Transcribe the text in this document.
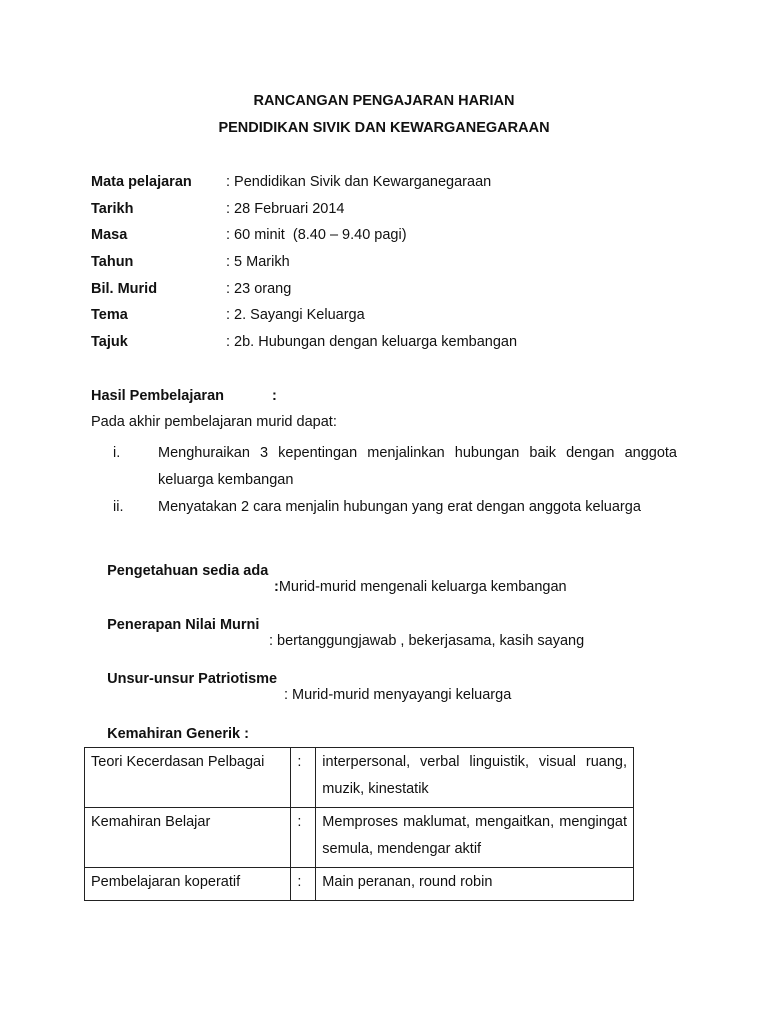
RANCANGAN PENGAJARAN HARIAN
PENDIDIKAN SIVIK DAN KEWARGANEGARAAN
Mata pelajaran : Pendidikan Sivik dan Kewarganegaraan
Tarikh	: 28 Februari 2014
Masa	: 60 minit  (8.40 – 9.40 pagi)
Tahun	: 5 Marikh
Bil. Murid	: 23 orang
Tema	: 2. Sayangi Keluarga
Tajuk	: 2b. Hubungan dengan keluarga kembangan
Hasil Pembelajaran	:
Pada akhir pembelajaran murid dapat:
i.	Menghuraikan 3 kepentingan menjalinkan hubungan baik dengan anggota keluarga kembangan
ii. Menyatakan 2 cara menjalin hubungan yang erat dengan anggota keluarga

Pengetahuan sedia ada

:Murid-murid mengenali keluarga kembangan

Penerapan Nilai Murni

: bertanggungjawab , bekerjasama, kasih sayang

Unsur-unsur Patriotisme

: Murid-murid menyayangi keluarga

Kemahiran Generik :

Teori Kecerdasan Pelbagai	:	interpersonal, verbal linguistik, visual ruang, muzik, kinestatik
Kemahiran Belajar	:	Memproses maklumat, mengaitkan, mengingat semula, mendengar aktif
Pembelajaran koperatif	:	Main peranan, round robin
